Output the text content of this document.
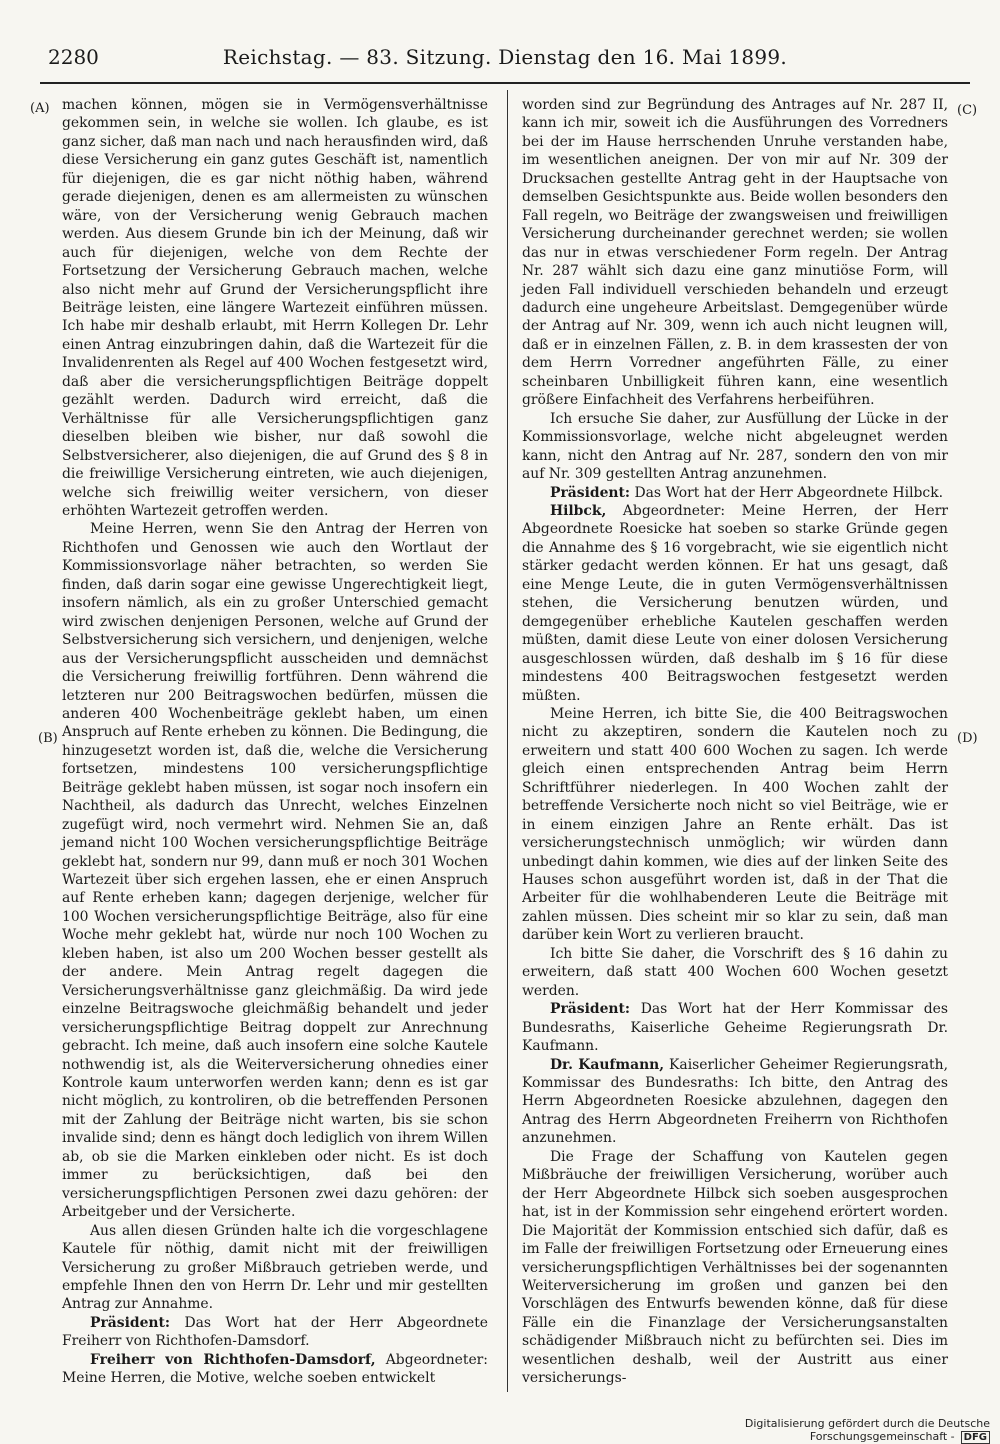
2280	Reichstag. — 83. Sitzung. Dienstag den 16. Mai 1899.
(A)
(B)
(C)
(D)

machen können, mögen sie in Vermögensverhältnisse gekommen sein, in welche sie wollen. Ich glaube, es ist ganz sicher, daß man nach und nach herausfinden wird, daß diese Versicherung ein ganz gutes Geschäft ist, namentlich für diejenigen, die es gar nicht nöthig haben, während gerade diejenigen, denen es am allermeisten zu wünschen wäre, von der Versicherung wenig Gebrauch machen werden. Aus diesem Grunde bin ich der Meinung, daß wir auch für diejenigen, welche von dem Rechte der Fortsetzung der Versicherung Gebrauch machen, welche also nicht mehr auf Grund der Versicherungspflicht ihre Beiträge leisten, eine längere Wartezeit einführen müssen. Ich habe mir deshalb erlaubt, mit Herrn Kollegen Dr. Lehr einen Antrag einzubringen dahin, daß die Wartezeit für die Invalidenrenten als Regel auf 400 Wochen festgesetzt wird, daß aber die versicherungspflichtigen Beiträge doppelt gezählt werden. Dadurch wird erreicht, daß die Verhältnisse für alle Versicherungspflichtigen ganz dieselben bleiben wie bisher, nur daß sowohl die Selbstversicherer, also diejenigen, die auf Grund des § 8 in die freiwillige Versicherung eintreten, wie auch diejenigen, welche sich freiwillig weiter versichern, von dieser erhöhten Wartezeit getroffen werden.

Meine Herren, wenn Sie den Antrag der Herren von Richthofen und Genossen wie auch den Wortlaut der Kommissionsvorlage näher betrachten, so werden Sie finden, daß darin sogar eine gewisse Ungerechtigkeit liegt, insofern nämlich, als ein zu großer Unterschied gemacht wird zwischen denjenigen Personen, welche auf Grund der Selbstversicherung sich versichern, und denjenigen, welche aus der Versicherungspflicht ausscheiden und demnächst die Versicherung freiwillig fortführen. Denn während die letzteren nur 200 Beitragswochen bedürfen, müssen die anderen 400 Wochenbeiträge geklebt haben, um einen Anspruch auf Rente erheben zu können. Die Bedingung, die hinzugesetzt worden ist, daß die, welche die Versicherung fortsetzen, mindestens 100 versicherungspflichtige Beiträge geklebt haben müssen, ist sogar noch insofern ein Nachtheil, als dadurch das Unrecht, welches Einzelnen zugefügt wird, noch vermehrt wird. Nehmen Sie an, daß jemand nicht 100 Wochen versicherungspflichtige Beiträge geklebt hat, sondern nur 99, dann muß er noch 301 Wochen Wartezeit über sich ergehen lassen, ehe er einen Anspruch auf Rente erheben kann; dagegen derjenige, welcher für 100 Wochen versicherungspflichtige Beiträge, also für eine Woche mehr geklebt hat, würde nur noch 100 Wochen zu kleben haben, ist also um 200 Wochen besser gestellt als der andere. Mein Antrag regelt dagegen die Versicherungsverhältnisse ganz gleichmäßig. Da wird jede einzelne Beitragswoche gleichmäßig behandelt und jeder versicherungspflichtige Beitrag doppelt zur Anrechnung gebracht. Ich meine, daß auch insofern eine solche Kautele nothwendig ist, als die Weiterversicherung ohnedies einer Kontrole kaum unterworfen werden kann; denn es ist gar nicht möglich, zu kontroliren, ob die betreffenden Personen mit der Zahlung der Beiträge nicht warten, bis sie schon invalide sind; denn es hängt doch lediglich von ihrem Willen ab, ob sie die Marken einkleben oder nicht. Es ist doch immer zu berücksichtigen, daß bei den versicherungspflichtigen Personen zwei dazu gehören: der Arbeitgeber und der Versicherte.

Aus allen diesen Gründen halte ich die vorgeschlagene Kautele für nöthig, damit nicht mit der freiwilligen Versicherung zu großer Mißbrauch getrieben werde, und empfehle Ihnen den von Herrn Dr. Lehr und mir gestellten Antrag zur Annahme.

Präsident: Das Wort hat der Herr Abgeordnete Freiherr von Richthofen-Damsdorf.

Freiherr von Richthofen-Damsdorf, Abgeordneter: Meine Herren, die Motive, welche soeben entwickelt

worden sind zur Begründung des Antrages auf Nr. 287 II, kann ich mir, soweit ich die Ausführungen des Vorredners bei der im Hause herrschenden Unruhe verstanden habe, im wesentlichen aneignen. Der von mir auf Nr. 309 der Drucksachen gestellte Antrag geht in der Hauptsache von demselben Gesichtspunkte aus. Beide wollen besonders den Fall regeln, wo Beiträge der zwangsweisen und freiwilligen Versicherung durcheinander gerechnet werden; sie wollen das nur in etwas verschiedener Form regeln. Der Antrag Nr. 287 wählt sich dazu eine ganz minutiöse Form, will jeden Fall individuell verschieden behandeln und erzeugt dadurch eine ungeheure Arbeitslast. Demgegenüber würde der Antrag auf Nr. 309, wenn ich auch nicht leugnen will, daß er in einzelnen Fällen, z. B. in dem krassesten der von dem Herrn Vorredner angeführten Fälle, zu einer scheinbaren Unbilligkeit führen kann, eine wesentlich größere Einfachheit des Verfahrens herbeiführen.

Ich ersuche Sie daher, zur Ausfüllung der Lücke in der Kommissionsvorlage, welche nicht abgeleugnet werden kann, nicht den Antrag auf Nr. 287, sondern den von mir auf Nr. 309 gestellten Antrag anzunehmen.

Präsident: Das Wort hat der Herr Abgeordnete Hilbck.

Hilbck, Abgeordneter: Meine Herren, der Herr Abgeordnete Roesicke hat soeben so starke Gründe gegen die Annahme des § 16 vorgebracht, wie sie eigentlich nicht stärker gedacht werden können. Er hat uns gesagt, daß eine Menge Leute, die in guten Vermögensverhältnissen stehen, die Versicherung benutzen würden, und demgegenüber erhebliche Kautelen geschaffen werden müßten, damit diese Leute von einer dolosen Versicherung ausgeschlossen würden, daß deshalb im § 16 für diese mindestens 400 Beitragswochen festgesetzt werden müßten.

Meine Herren, ich bitte Sie, die 400 Beitragswochen nicht zu akzeptiren, sondern die Kautelen noch zu erweitern und statt 400 600 Wochen zu sagen. Ich werde gleich einen entsprechenden Antrag beim Herrn Schriftführer niederlegen. In 400 Wochen zahlt der betreffende Versicherte noch nicht so viel Beiträge, wie er in einem einzigen Jahre an Rente erhält. Das ist versicherungstechnisch unmöglich; wir würden dann unbedingt dahin kommen, wie dies auf der linken Seite des Hauses schon ausgeführt worden ist, daß in der That die Arbeiter für die wohlhabenderen Leute die Beiträge mit zahlen müssen. Dies scheint mir so klar zu sein, daß man darüber kein Wort zu verlieren braucht.

Ich bitte Sie daher, die Vorschrift des § 16 dahin zu erweitern, daß statt 400 Wochen 600 Wochen gesetzt werden.

Präsident: Das Wort hat der Herr Kommissar des Bundesraths, Kaiserliche Geheime Regierungsrath Dr. Kaufmann.

Dr. Kaufmann, Kaiserlicher Geheimer Regierungsrath, Kommissar des Bundesraths: Ich bitte, den Antrag des Herrn Abgeordneten Roesicke abzulehnen, dagegen den Antrag des Herrn Abgeordneten Freiherrn von Richthofen anzunehmen.

Die Frage der Schaffung von Kautelen gegen Mißbräuche der freiwilligen Versicherung, worüber auch der Herr Abgeordnete Hilbck sich soeben ausgesprochen hat, ist in der Kommission sehr eingehend erörtert worden. Die Majorität der Kommission entschied sich dafür, daß es im Falle der freiwilligen Fortsetzung oder Erneuerung eines versicherungspflichtigen Verhältnisses bei der sogenannten Weiterversicherung im großen und ganzen bei den Vorschlägen des Entwurfs bewenden könne, daß für diese Fälle ein die Finanzlage der Versicherungsanstalten schädigender Mißbrauch nicht zu befürchten sei. Dies im wesentlichen deshalb, weil der Austritt aus einer versicherungs-

Digitalisierung gefördert durch die Deutsche Forschungsgemeinschaft - DFG
